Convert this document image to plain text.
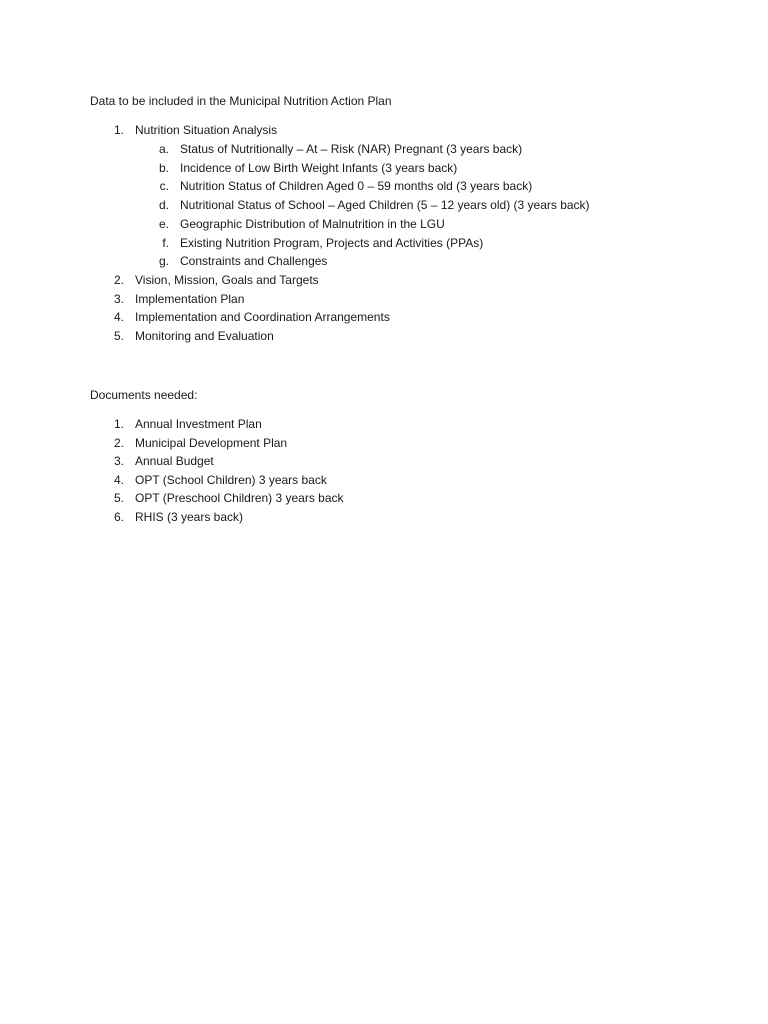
Data to be included in the Municipal Nutrition Action Plan
1. Nutrition Situation Analysis
a. Status of Nutritionally – At – Risk (NAR) Pregnant (3 years back)
b. Incidence of Low Birth Weight Infants (3 years back)
c. Nutrition Status of Children Aged 0 – 59 months old (3 years back)
d. Nutritional Status of School – Aged Children (5 – 12 years old) (3 years back)
e. Geographic Distribution of Malnutrition in the LGU
f. Existing Nutrition Program, Projects and Activities (PPAs)
g. Constraints and Challenges
2. Vision, Mission, Goals and Targets
3. Implementation Plan
4. Implementation and Coordination Arrangements
5. Monitoring and Evaluation
Documents needed:
1. Annual Investment Plan
2. Municipal Development Plan
3. Annual Budget
4. OPT (School Children) 3 years back
5. OPT (Preschool Children) 3 years back
6. RHIS (3 years back)
